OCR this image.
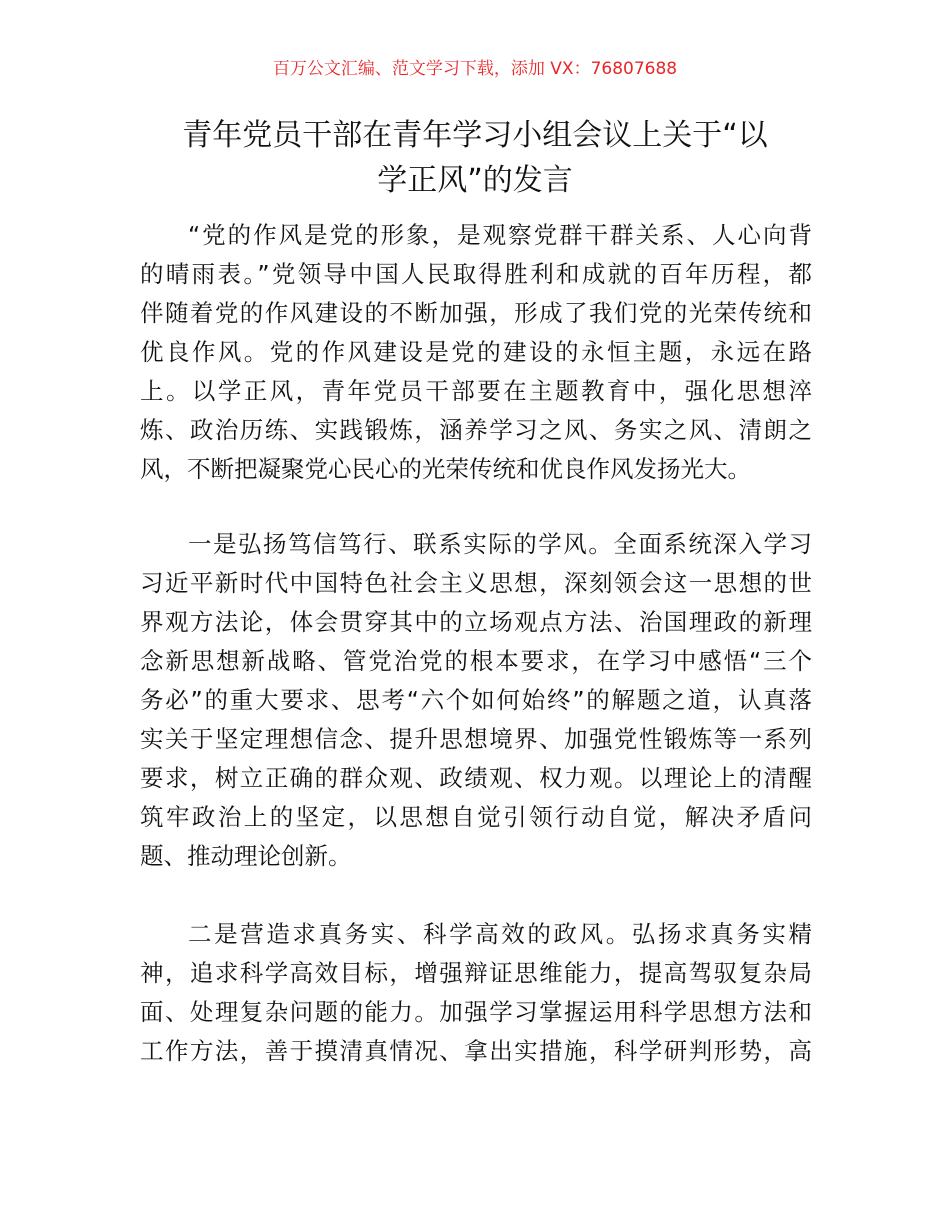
百万公文汇编、范文学习下载，添加 VX：76807688
青年党员干部在青年学习小组会议上关于“以
学正风”的发言
“党的作风是党的形象，是观察党群干群关系、人心向背
的晴雨表。”党领导中国人民取得胜利和成就的百年历程，都
伴随着党的作风建设的不断加强，形成了我们党的光荣传统和
优良作风。党的作风建设是党的建设的永恒主题，永远在路
上。以学正风，青年党员干部要在主题教育中，强化思想淬
炼、政治历练、实践锻炼，涵养学习之风、务实之风、清朗之
风，不断把凝聚党心民心的光荣传统和优良作风发扬光大。
一是弘扬笃信笃行、联系实际的学风。全面系统深入学习
习近平新时代中国特色社会主义思想，深刻领会这一思想的世
界观方法论，体会贯穿其中的立场观点方法、治国理政的新理
念新思想新战略、管党治党的根本要求，在学习中感悟“三个
务必”的重大要求、思考“六个如何始终”的解题之道，认真落
实关于坚定理想信念、提升思想境界、加强党性锻炼等一系列
要求，树立正确的群众观、政绩观、权力观。以理论上的清醒
筑牢政治上的坚定，以思想自觉引领行动自觉，解决矛盾问
题、推动理论创新。
二是营造求真务实、科学高效的政风。弘扬求真务实精
神，追求科学高效目标，增强辩证思维能力，提高驾驭复杂局
面、处理复杂问题的能力。加强学习掌握运用科学思想方法和
工作方法，善于摸清真情况、拿出实措施，科学研判形势，高
